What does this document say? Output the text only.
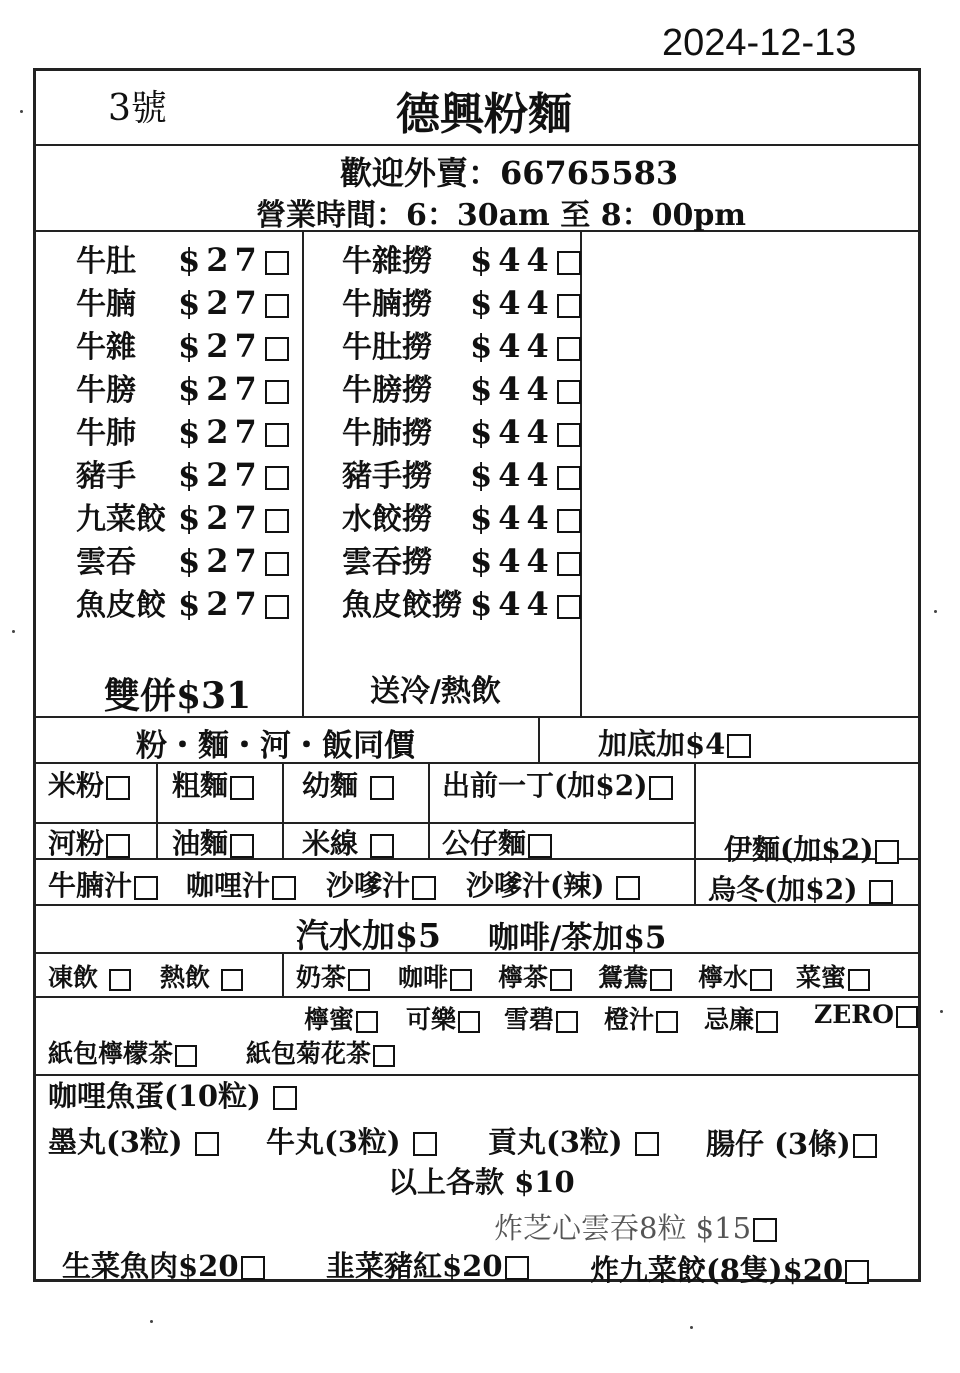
2024-12-13
3號	德興粉麵
歡迎外賣：66765583
營業時間：6：30am 至 8：00pm
牛肚 $27
牛腩 $27
牛雜 $27
牛膀 $27
牛肺 $27
豬手 $27
九菜餃 $27
雲吞 $27
魚皮餃 $27
雙併$31
牛雜撈 $44
牛腩撈 $44
牛肚撈 $44
牛膀撈 $44
牛肺撈 $44
豬手撈 $44
水餃撈 $44
雲吞撈 $44
魚皮餃撈 $44
送冷/熱飲
粉・麵・河・飯同價	加底加$4
米粉	粗麵	幼麵	出前一丁(加$2)
河粉	油麵	米線	公仔麵	伊麵(加$2)
牛腩汁	咖哩汁	沙嗲汁	沙嗲汁(辣)	烏冬(加$2)
汽水加$5 咖啡/茶加$5
凍飲	熱飲	奶茶	咖啡	檸茶	鴛鴦	檸水	菜蜜
檸蜜	可樂	雪碧	橙汁	忌廉	ZERO
紙包檸檬茶	紙包菊花茶
咖哩魚蛋(10粒)
墨丸(3粒)	牛丸(3粒)	貢丸(3粒)	腸仔 (3條)
以上各款 $10
炸芝心雲吞8粒 $15
生菜魚肉$20	韭菜豬紅$20	炸九菜餃(8隻)$20
